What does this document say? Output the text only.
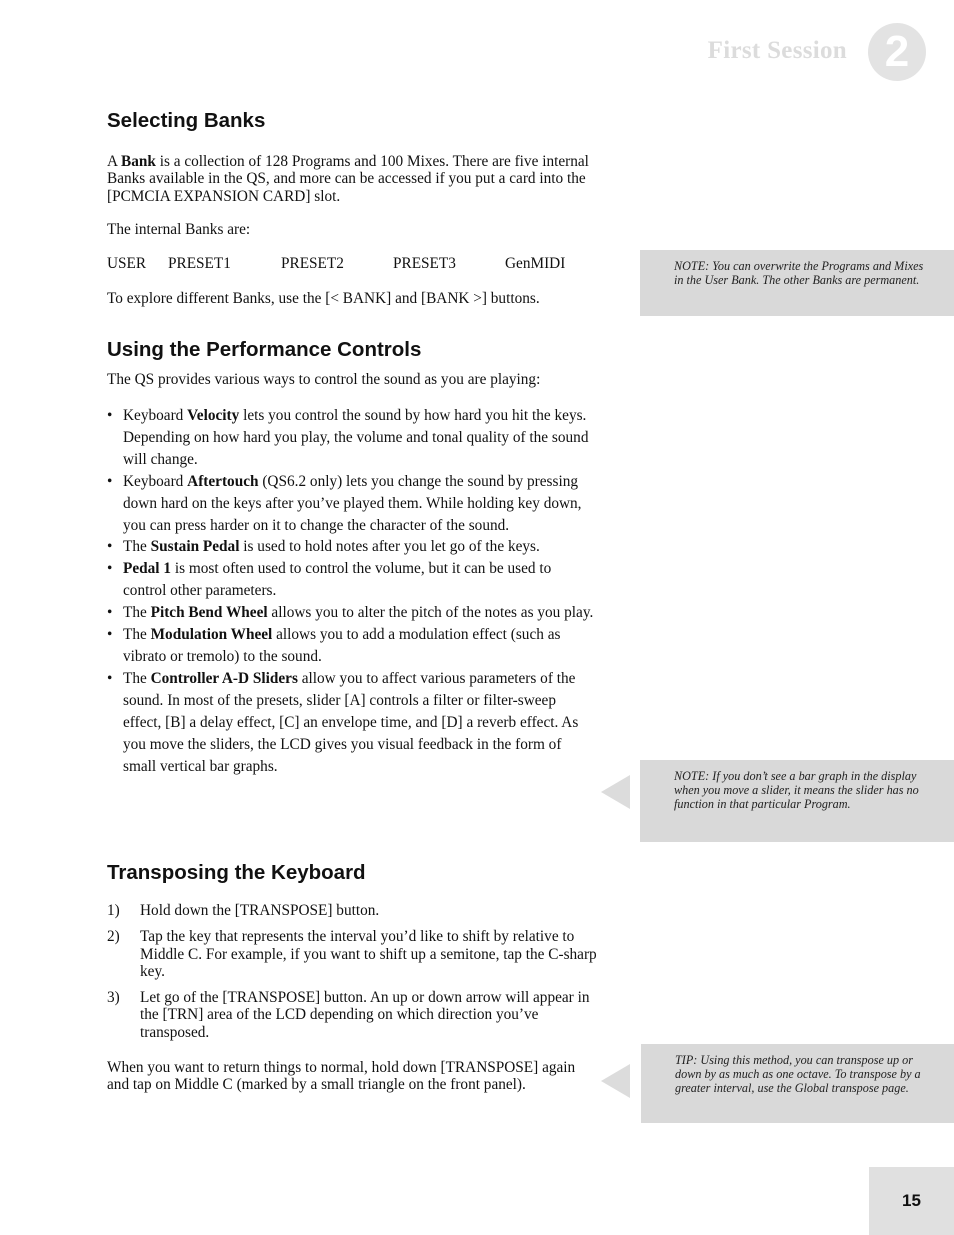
First Session 2
Selecting Banks

A Bank is a collection of 128 Programs and 100 Mixes. There are five internal Banks available in the QS, and more can be accessed if you put a card into the [PCMCIA EXPANSION CARD] slot.

The internal Banks are:

USER PRESET1	PRESET2	PRESET3	GenMIDI

To explore different Banks, use the [< BANK] and [BANK >] buttons.

Using the Performance Controls

The QS provides various ways to control the sound as you are playing:

• Keyboard Velocity lets you control the sound by how hard you hit the keys. Depending on how hard you play, the volume and tonal quality of the sound will change.
• Keyboard Aftertouch (QS6.2 only) lets you change the sound by pressing down hard on the keys after you’ve played them. While holding key down, you can press harder on it to change the character of the sound.
• The Sustain Pedal is used to hold notes after you let go of the keys.
• Pedal 1 is most often used to control the volume, but it can be used to control other parameters.
• The Pitch Bend Wheel allows you to alter the pitch of the notes as you play.
• The Modulation Wheel allows you to add a modulation effect (such as vibrato or tremolo) to the sound.
• The Controller A-D Sliders allow you to affect various parameters of the sound. In most of the presets, slider [A] controls a filter or filter-sweep effect, [B] a delay effect, [C] an envelope time, and [D] a reverb effect. As you move the sliders, the LCD gives you visual feedback in the form of small vertical bar graphs.
Transposing the Keyboard
1) Hold down the [TRANSPOSE] button.
2) Tap the key that represents the interval you’d like to shift by relative to Middle C. For example, if you want to shift up a semitone, tap the C-sharp key.
3) Let go of the [TRANSPOSE] button. An up or down arrow will appear in the [TRN] area of the LCD depending on which direction you’ve transposed.

When you want to return things to normal, hold down [TRANSPOSE] again and tap on Middle C (marked by a small triangle on the front panel).

NOTE: You can overwrite the Programs and Mixes in the User Bank. The other Banks are permanent.
NOTE: If you don’t see a bar graph in the display when you move a slider, it means the slider has no function in that particular Program.
TIP: Using this method, you can transpose up or down by as much as one octave. To transpose by a greater interval, use the Global transpose page.
15
